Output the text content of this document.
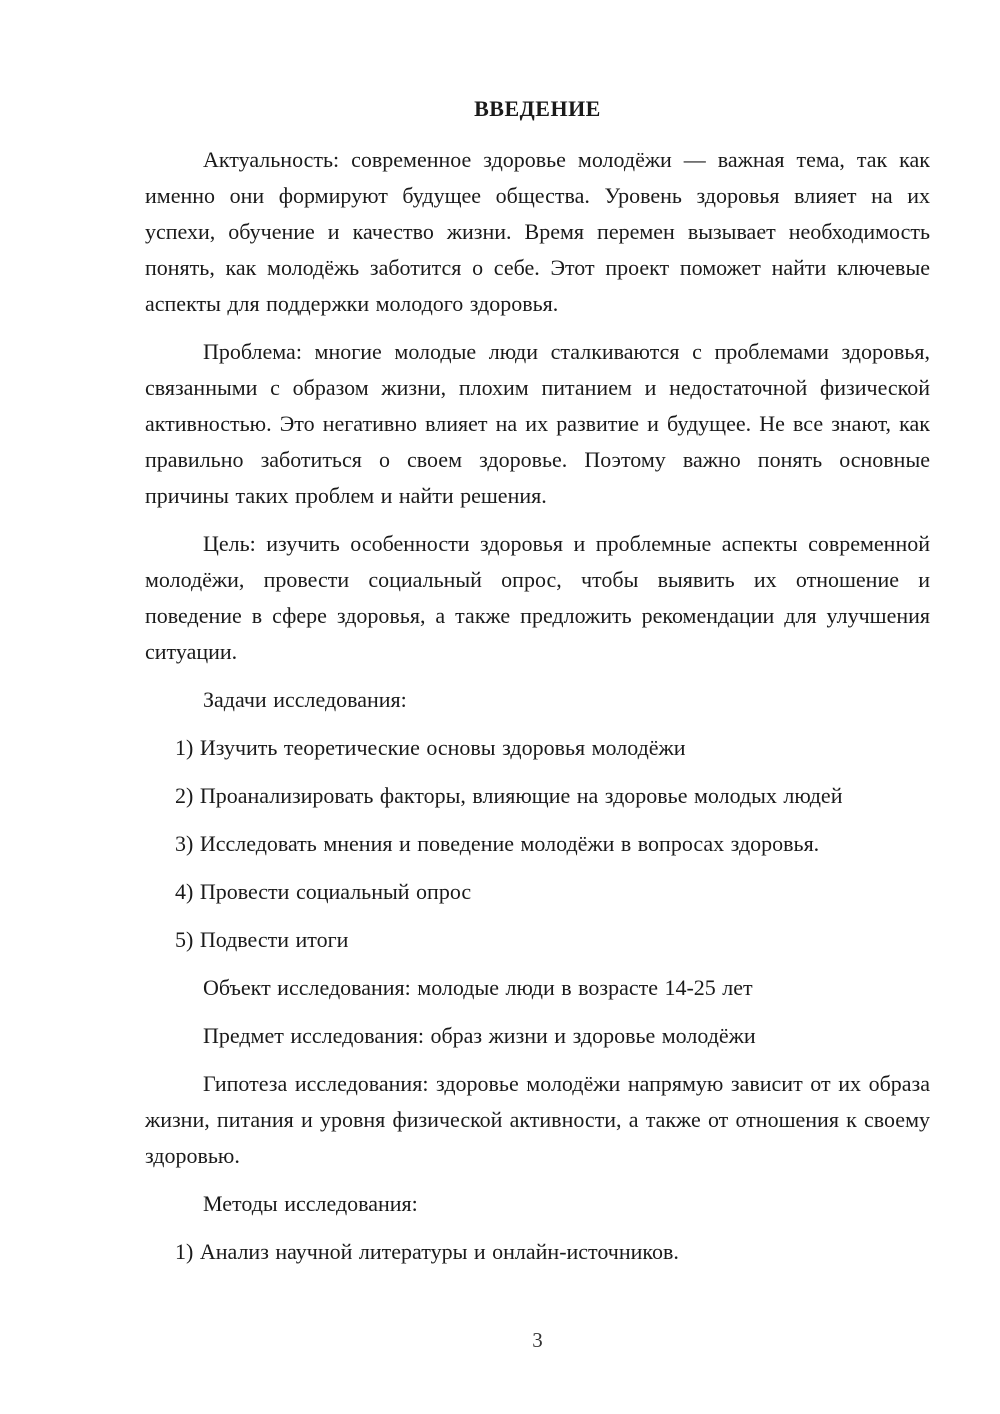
ВВЕДЕНИЕ

Актуальность: современное здоровье молодёжи — важная тема, так как именно они формируют будущее общества. Уровень здоровья влияет на их успехи, обучение и качество жизни. Время перемен вызывает необходимость понять, как молодёжь заботится о себе. Этот проект поможет найти ключевые аспекты для поддержки молодого здоровья.

Проблема: многие молодые люди сталкиваются с проблемами здоровья, связанными с образом жизни, плохим питанием и недостаточной физической активностью. Это негативно влияет на их развитие и будущее. Не все знают, как правильно заботиться о своем здоровье. Поэтому важно понять основные причины таких проблем и найти решения.

Цель: изучить особенности здоровья и проблемные аспекты современной молодёжи, провести социальный опрос, чтобы выявить их отношение и поведение в сфере здоровья, а также предложить рекомендации для улучшения ситуации.

Задачи исследования:

1) Изучить теоретические основы здоровья молодёжи

2) Проанализировать факторы, влияющие на здоровье молодых людей

3) Исследовать мнения и поведение молодёжи в вопросах здоровья.

4) Провести социальный опрос

5) Подвести итоги

Объект исследования: молодые люди в возрасте 14-25 лет

Предмет исследования: образ жизни и здоровье молодёжи

Гипотеза исследования: здоровье молодёжи напрямую зависит от их образа жизни, питания и уровня физической активности, а также от отношения к своему здоровью.

Методы исследования:

1) Анализ научной литературы и онлайн-источников.

3
